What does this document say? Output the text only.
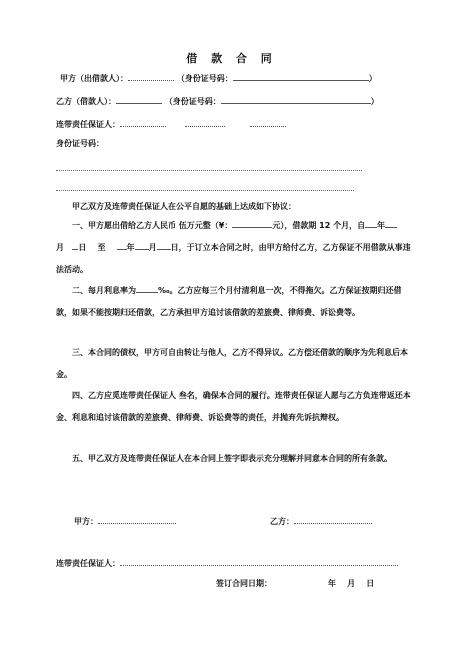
借 款 合 同
甲方（出借款人）：	（身份证号码：	）
乙方（借款人）：	（身份证号码：	）
连带责任保证人：
身份证号码：
甲乙双方及连带责任保证人在公平自愿的基础上达成如下协议：
一、甲方愿出借给乙方人民币 伍万元整（¥：	元），借款期 12 个月，自 年月 日 至	年 月 日，于订立本合同之时，由甲方给付乙方，乙方保证不用借款从事违法活动。
二、每月利息率为	‰。乙方应每三个月付清利息一次，不得拖欠。乙方保证按期归还借款，如果不能按期归还借款，乙方承担甲方追讨该借款的差旅费、律师费、诉讼费等。
三、本合同的债权，甲方可自由转让与他人，乙方不得异议。乙方偿还借款的顺序为先利息后本金。
四、乙方应觅连带责任保证人 叁名，确保本合同的履行。连带责任保证人愿与乙方负连带返还本金、利息和追讨该借款的差旅费、律师费、诉讼费等的责任，并抛弃先诉抗辩权。
五、甲乙双方及连带责任保证人在本合同上签字即表示充分理解并同意本合同的所有条款。
甲方：	乙方：
连带责任保证人：
签订合同日期：	年 月 日
